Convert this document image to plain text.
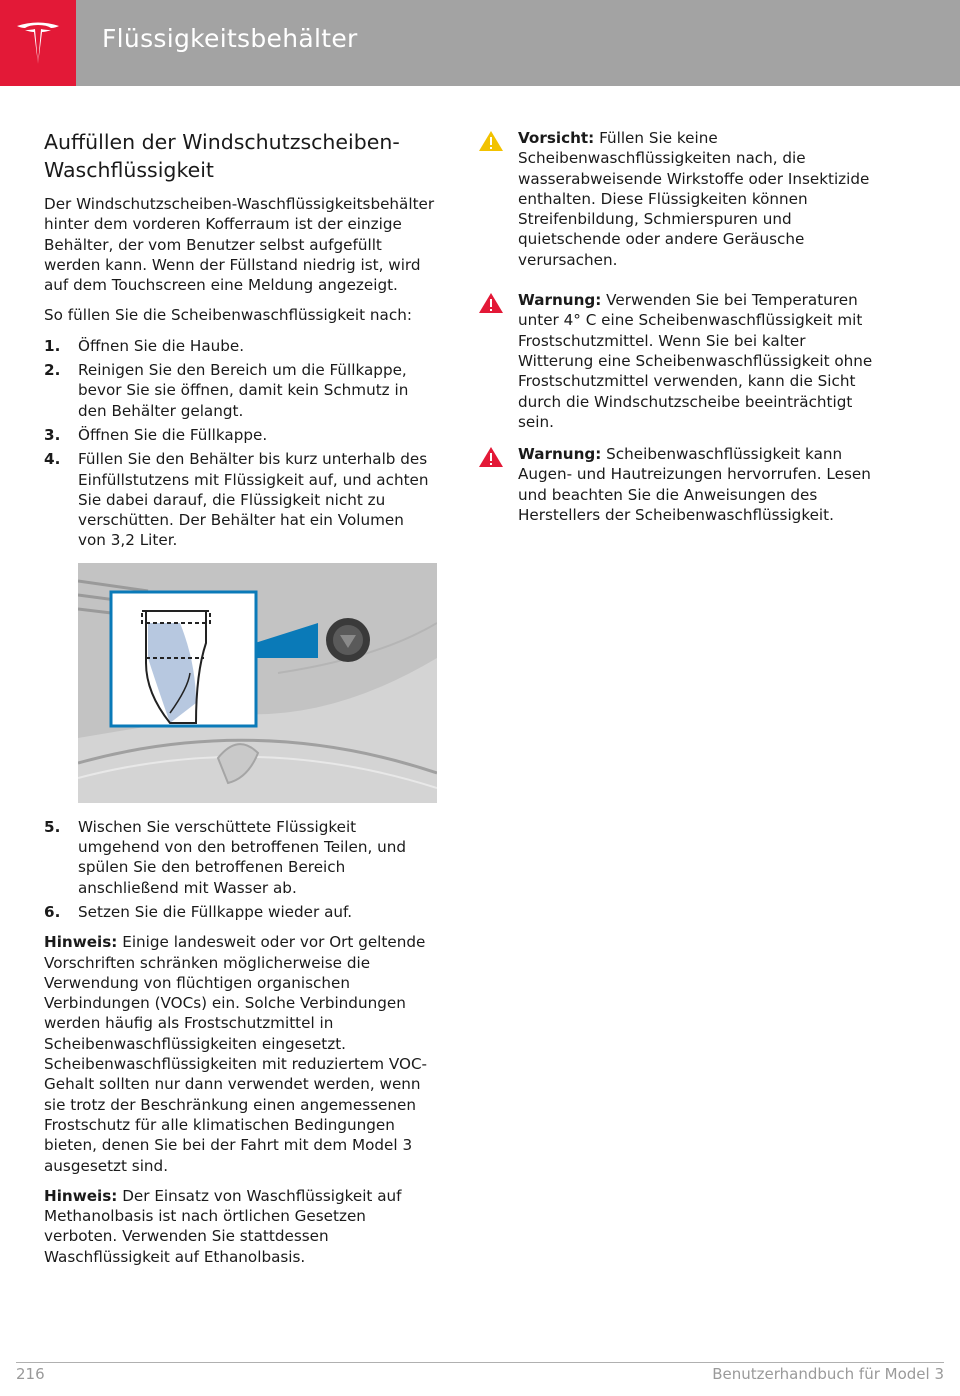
Flüssigkeitsbehälter
Auffüllen der Windschutzscheiben-Waschflüssigkeit

Der Windschutzscheiben-Waschflüssigkeitsbehälter hinter dem vorderen Kofferraum ist der einzige Behälter, der vom Benutzer selbst aufgefüllt werden kann. Wenn der Füllstand niedrig ist, wird auf dem Touchscreen eine Meldung angezeigt.

So füllen Sie die Scheibenwaschflüssigkeit nach:

1. Öffnen Sie die Haube.
2. Reinigen Sie den Bereich um die Füllkappe, bevor Sie sie öffnen, damit kein Schmutz in den Behälter gelangt.
3. Öffnen Sie die Füllkappe.
4. Füllen Sie den Behälter bis kurz unterhalb des Einfüllstutzens mit Flüssigkeit auf, und achten Sie dabei darauf, die Flüssigkeit nicht zu verschütten. Der Behälter hat ein Volumen von 3,2 Liter.
5. Wischen Sie verschüttete Flüssigkeit umgehend von den betroffenen Teilen, und spülen Sie den betroffenen Bereich anschließend mit Wasser ab.
6. Setzen Sie die Füllkappe wieder auf.

Hinweis: Einige landesweit oder vor Ort geltende Vorschriften schränken möglicherweise die Verwendung von flüchtigen organischen Verbindungen (VOCs) ein. Solche Verbindungen werden häufig als Frostschutzmittel in Scheibenwaschflüssigkeiten eingesetzt. Scheibenwaschflüssigkeiten mit reduziertem VOC-Gehalt sollten nur dann verwendet werden, wenn sie trotz der Beschränkung einen angemessenen Frostschutz für alle klimatischen Bedingungen bieten, denen Sie bei der Fahrt mit dem Model 3 ausgesetzt sind.

Hinweis: Der Einsatz von Waschflüssigkeit auf Methanolbasis ist nach örtlichen Gesetzen verboten. Verwenden Sie stattdessen Waschflüssigkeit auf Ethanolbasis.

Vorsicht: Füllen Sie keine Scheibenwaschflüssigkeiten nach, die wasserabweisende Wirkstoffe oder Insektizide enthalten. Diese Flüssigkeiten können Streifenbildung, Schmierspuren und quietschende oder andere Geräusche verursachen.
Warnung: Verwenden Sie bei Temperaturen unter 4° C eine Scheibenwaschflüssigkeit mit Frostschutzmittel. Wenn Sie bei kalter Witterung eine Scheibenwaschflüssigkeit ohne Frostschutzmittel verwenden, kann die Sicht durch die Windschutzscheibe beeinträchtigt sein.
Warnung: Scheibenwaschflüssigkeit kann Augen- und Hautreizungen hervorrufen. Lesen und beachten Sie die Anweisungen des Herstellers der Scheibenwaschflüssigkeit.
216	Benutzerhandbuch für Model 3
